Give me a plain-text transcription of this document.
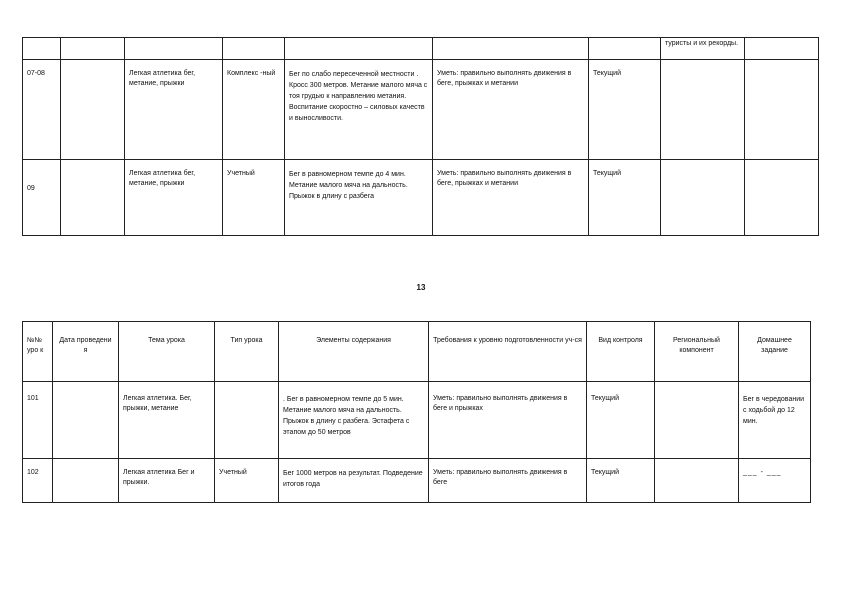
							туристы и их рекорды.	
07-08		Легкая атлетика бег, метание, прыжки	Комплекс -ный	Бег по слабо пересеченной местности . Кросс 300 метров. Метание малого мяча с тоя грудью к направлению метания. Воспитание скоростно – силовых качеств и выносливости.	Уметь: правильно выполнять движения в беге, прыжках и метании	Текущий		
09		Легкая атлетика бег, метание, прыжки	Учетный	Бег в равномерном темпе до 4 мин. Метание малого мяча на дальность. Прыжок в длину с разбега	Уметь: правильно выполнять движения в беге, прыжках и метании	Текущий		
13
№№ уро к	Дата проведени я	Тема урока	Тип урока	Элементы содержания	Требования к уровню подготовленности уч-ся	Вид контроля	Региональный компонент	Домашнее задание
101		Легкая атлетика. Бег, прыжки, метание		. Бег в равномерном темпе до 5 мин. Метание малого мяча на дальность. Прыжок в длину с разбега. Эстафета с этапом до 50 метров	Уметь: правильно выполнять движения в беге и прыжках	Текущий		Бег в чередовании с ходьбой до 12 мин.
102		Легкая атлетика Бег и прыжки.	Учетный	Бег 1000 метров на результат. Подведение итогов года	Уметь: правильно выполнять движения в беге	Текущий		___ - ___
